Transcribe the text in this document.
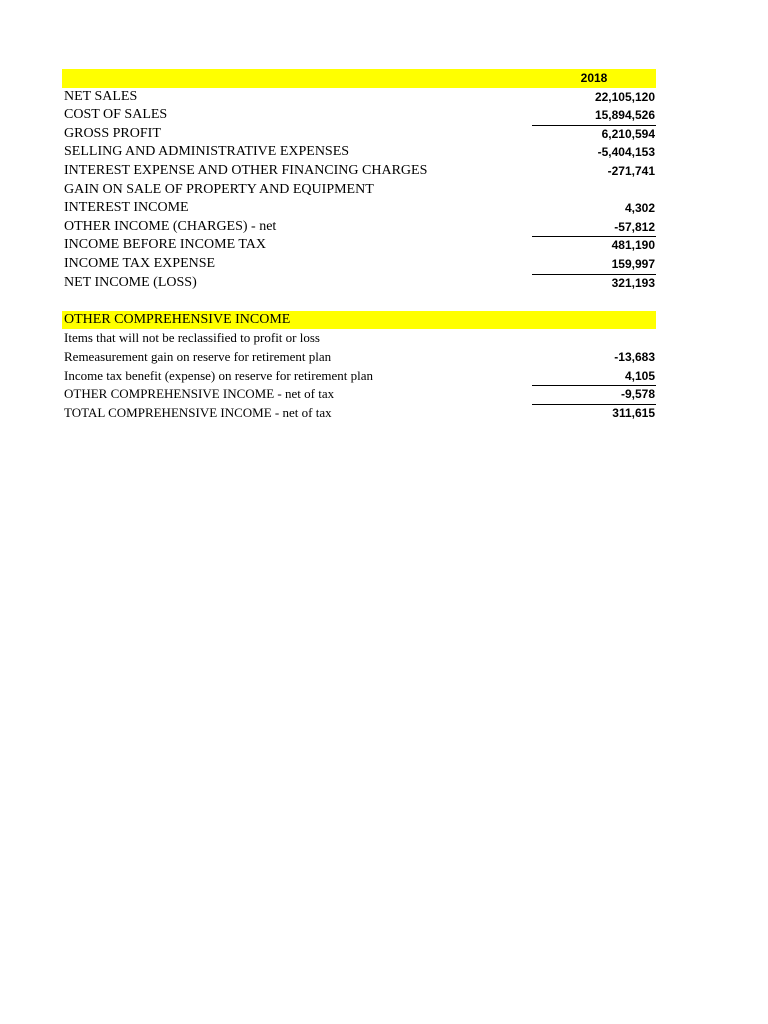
2018
NET SALES	22,105,120
COST OF SALES	15,894,526
GROSS PROFIT	6,210,594
SELLING AND ADMINISTRATIVE EXPENSES	-5,404,153
INTEREST EXPENSE AND OTHER FINANCING CHARGES	-271,741
GAIN ON SALE OF PROPERTY AND EQUIPMENT
INTEREST INCOME	4,302
OTHER INCOME (CHARGES) - net	-57,812
INCOME BEFORE INCOME TAX	481,190
INCOME TAX EXPENSE	159,997
NET INCOME (LOSS)	321,193
OTHER COMPREHENSIVE INCOME
Items that will not be reclassified to profit or loss
Remeasurement gain on reserve for retirement plan	-13,683
Income tax benefit (expense) on reserve for retirement plan	4,105
OTHER COMPREHENSIVE INCOME - net of tax	-9,578
TOTAL COMPREHENSIVE INCOME - net of tax	311,615
